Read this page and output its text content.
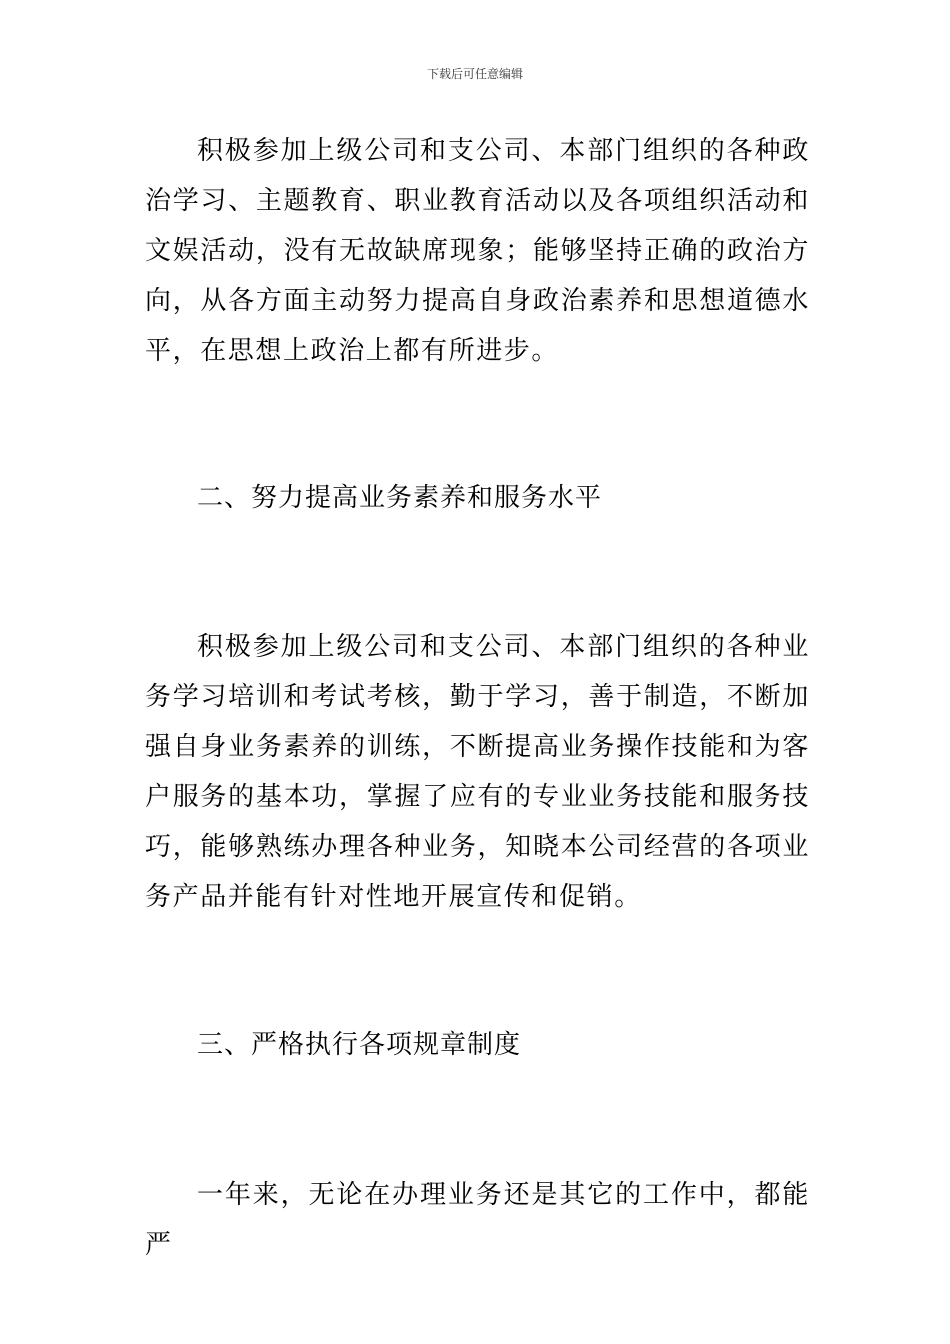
下载后可任意编辑

积极参加上级公司和支公司、本部门组织的各种政治学习、主题教育、职业教育活动以及各项组织活动和文娱活动，没有无故缺席现象；能够坚持正确的政治方向，从各方面主动努力提高自身政治素养和思想道德水平，在思想上政治上都有所进步。

二、努力提高业务素养和服务水平

积极参加上级公司和支公司、本部门组织的各种业务学习培训和考试考核，勤于学习，善于制造，不断加强自身业务素养的训练，不断提高业务操作技能和为客户服务的基本功，掌握了应有的专业业务技能和服务技巧，能够熟练办理各种业务，知晓本公司经营的各项业务产品并能有针对性地开展宣传和促销。

三、严格执行各项规章制度

一年来，无论在办理业务还是其它的工作中，都能严
